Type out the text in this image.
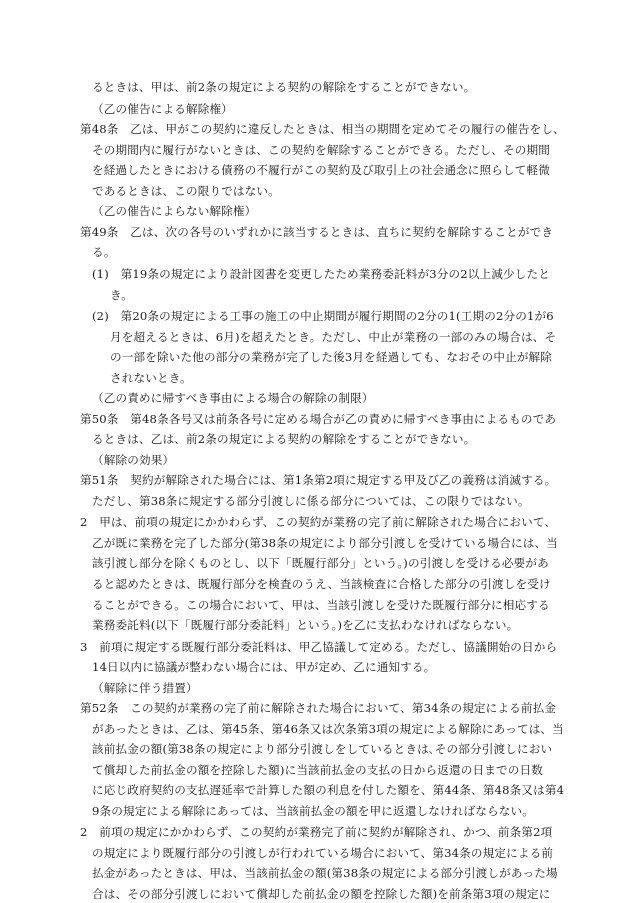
るときは、甲は、前2条の規定による契約の解除をすることができない。
（乙の催告による解除権）
第48条　乙は、甲がこの契約に違反したときは、相当の期間を定めてその履行の催告をし、
その期間内に履行がないときは、この契約を解除することができる。ただし、その期間
を経過したときにおける債務の不履行がこの契約及び取引上の社会通念に照らして軽微
であるときは、この限りではない。
（乙の催告によらない解除権）
第49条　乙は、次の各号のいずれかに該当するときは、直ちに契約を解除することができ
る。
(1)　第19条の規定により設計図書を変更したため業務委託料が3分の2以上減少したと
き。
(2)　第20条の規定による工事の施工の中止期間が履行期間の2分の1(工期の2分の1が6
月を超えるときは、6月)を超えたとき。ただし、中止が業務の一部のみの場合は、そ
の一部を除いた他の部分の業務が完了した後3月を経過しても、なおその中止が解除
されないとき。
（乙の責めに帰すべき事由による場合の解除の制限）
第50条　第48条各号又は前条各号に定める場合が乙の責めに帰すべき事由によるものであ
るときは、乙は、前2条の規定による契約の解除をすることができない。
（解除の効果）
第51条　契約が解除された場合には、第1条第2項に規定する甲及び乙の義務は消滅する。
ただし、第38条に規定する部分引渡しに係る部分については、この限りではない。
2　甲は、前項の規定にかかわらず、この契約が業務の完了前に解除された場合において、
乙が既に業務を完了した部分(第38条の規定により部分引渡しを受けている場合には、当
該引渡し部分を除くものとし、以下「既履行部分」という。)の引渡しを受ける必要があ
ると認めたときは、既履行部分を検査のうえ、当該検査に合格した部分の引渡しを受け
ることができる。この場合において、甲は、当該引渡しを受けた既履行部分に相応する
業務委託料(以下「既履行部分委託料」という。)を乙に支払わなければならない。
3　前項に規定する既履行部分委託料は、甲乙協議して定める。ただし、協議開始の日から
14日以内に協議が整わない場合には、甲が定め、乙に通知する。
（解除に伴う措置）
第52条　この契約が業務の完了前に解除された場合において、第34条の規定による前払金
があったときは、乙は、第45条、第46条又は次条第3項の規定による解除にあっては、当
該前払金の額(第38条の規定により部分引渡しをしているときは､その部分引渡しにおい
て償却した前払金の額を控除した額)に当該前払金の支払の日から返還の日までの日数
に応じ政府契約の支払遅延率で計算した額の利息を付した額を、第44条、第48条又は第4
9条の規定による解除にあっては、当該前払金の額を甲に返還しなければならない。
2　前項の規定にかかわらず、この契約が業務完了前に契約が解除され、かつ、前条第2項
の規定により既履行部分の引渡しが行われている場合において、第34条の規定による前
払金があったときは、甲は、当該前払金の額(第38条の規定による部分引渡しがあった場
合は、その部分引渡しにおいて償却した前払金の額を控除した額)を前条第3項の規定に
